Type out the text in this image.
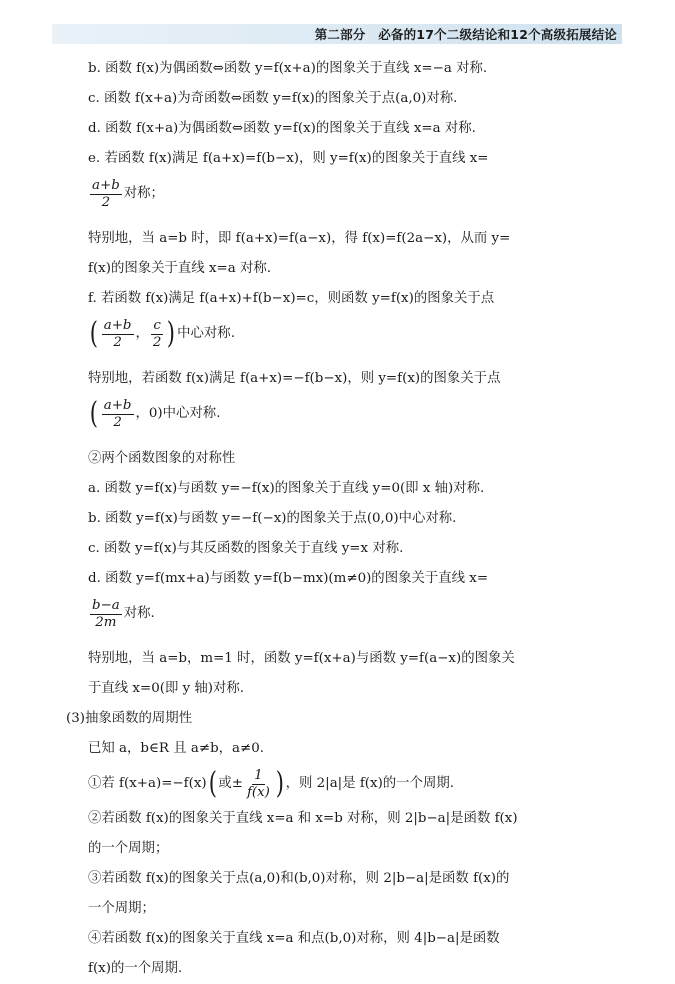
第二部分　必备的17个二级结论和12个高级拓展结论

b. 函数 f(x)为偶函数⇔函数 y=f(x+a)的图象关于直线 x=−a 对称.

c. 函数 f(x+a)为奇函数⇔函数 y=f(x)的图象关于点(a,0)对称.

d. 函数 f(x+a)为偶函数⇔函数 y=f(x)的图象关于直线 x=a 对称.

e. 若函数 f(x)满足 f(a+x)=f(b−x)，则 y=f(x)的图象关于直线 x=

$\frac{a+b}{2}$ 对称；

特别地，当 a=b 时，即 f(a+x)=f(a−x)，得 f(x)=f(2a−x)，从而 y=

f(x)的图象关于直线 x=a 对称.

f. 若函数 f(x)满足 f(a+x)+f(b−x)=c，则函数 y=f(x)的图象关于点

( $\frac{a+b}{2}$ ， $\frac{c}{2}$ ) 中心对称.

特别地，若函数 f(x)满足 f(a+x)=−f(b−x)，则 y=f(x)的图象关于点

( $\frac{a+b}{2}$ ，0)中心对称.

②两个函数图象的对称性

a. 函数 y=f(x)与函数 y=−f(x)的图象关于直线 y=0(即 x 轴)对称.

b. 函数 y=f(x)与函数 y=−f(−x)的图象关于点(0,0)中心对称.

c. 函数 y=f(x)与其反函数的图象关于直线 y=x 对称.

d. 函数 y=f(mx+a)与函数 y=f(b−mx)(m≠0)的图象关于直线 x=

$\frac{b-a}{2m}$ 对称.

特别地，当 a=b，m=1 时，函数 y=f(x+a)与函数 y=f(a−x)的图象关

于直线 x=0(即 y 轴)对称.

(3)抽象函数的周期性

已知 a，b∈R 且 a≠b，a≠0.

①若 f(x+a)=−f(x) ( 或± $\frac{1}{f(x)}$ ) ，则 2|a|是 f(x)的一个周期.

②若函数 f(x)的图象关于直线 x=a 和 x=b 对称，则 2|b−a|是函数 f(x)

的一个周期；

③若函数 f(x)的图象关于点(a,0)和(b,0)对称，则 2|b−a|是函数 f(x)的

一个周期；

④若函数 f(x)的图象关于直线 x=a 和点(b,0)对称，则 4|b−a|是函数

f(x)的一个周期.
